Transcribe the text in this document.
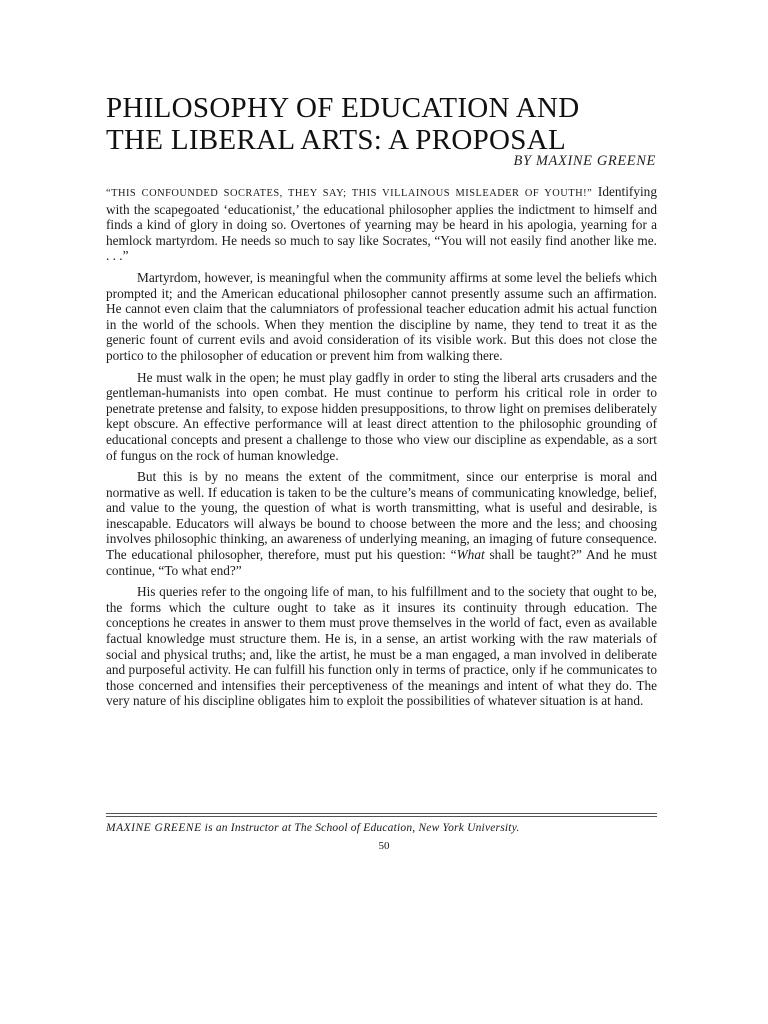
PHILOSOPHY OF EDUCATION AND
THE LIBERAL ARTS: A PROPOSAL
BY MAXINE GREENE

“THIS CONFOUNDED SOCRATES, THEY SAY; THIS VILLAINOUS MISLEADER OF YOUTH!” Identifying with the scapegoated ‘educationist,’ the educational philosopher applies the indictment to himself and finds a kind of glory in doing so. Overtones of yearning may be heard in his apologia, yearning for a hemlock martyrdom. He needs so much to say like Socrates, “You will not easily find another like me. . . .”

Martyrdom, however, is meaningful when the community affirms at some level the beliefs which prompted it; and the American educational philosopher cannot presently assume such an affirmation. He cannot even claim that the calumniators of professional teacher education admit his actual function in the world of the schools. When they mention the discipline by name, they tend to treat it as the generic fount of current evils and avoid consideration of its visible work. But this does not close the portico to the philosopher of education or prevent him from walking there.

He must walk in the open; he must play gadfly in order to sting the liberal arts crusaders and the gentleman-humanists into open combat. He must continue to perform his critical role in order to penetrate pretense and falsity, to expose hidden presuppositions, to throw light on premises deliberately kept obscure. An effective performance will at least direct attention to the philosophic grounding of educational concepts and present a challenge to those who view our discipline as expendable, as a sort of fungus on the rock of human knowledge.

But this is by no means the extent of the commitment, since our enterprise is moral and normative as well. If education is taken to be the culture’s means of communicating knowledge, belief, and value to the young, the question of what is worth transmitting, what is useful and desirable, is inescapable. Educators will always be bound to choose between the more and the less; and choosing involves philosophic thinking, an awareness of underlying meaning, an imaging of future consequence. The educational philosopher, therefore, must put his question: “What shall be taught?” And he must continue, “To what end?”

His queries refer to the ongoing life of man, to his fulfillment and to the society that ought to be, the forms which the culture ought to take as it insures its continuity through education. The conceptions he creates in answer to them must prove themselves in the world of fact, even as available factual knowledge must structure them. He is, in a sense, an artist working with the raw materials of social and physical truths; and, like the artist, he must be a man engaged, a man involved in deliberate and purposeful activity. He can fulfill his function only in terms of practice, only if he communicates to those concerned and intensifies their perceptiveness of the meanings and intent of what they do. The very nature of his discipline obligates him to exploit the possibilities of whatever situation is at hand.

MAXINE GREENE is an Instructor at The School of Education, New York University.
50
